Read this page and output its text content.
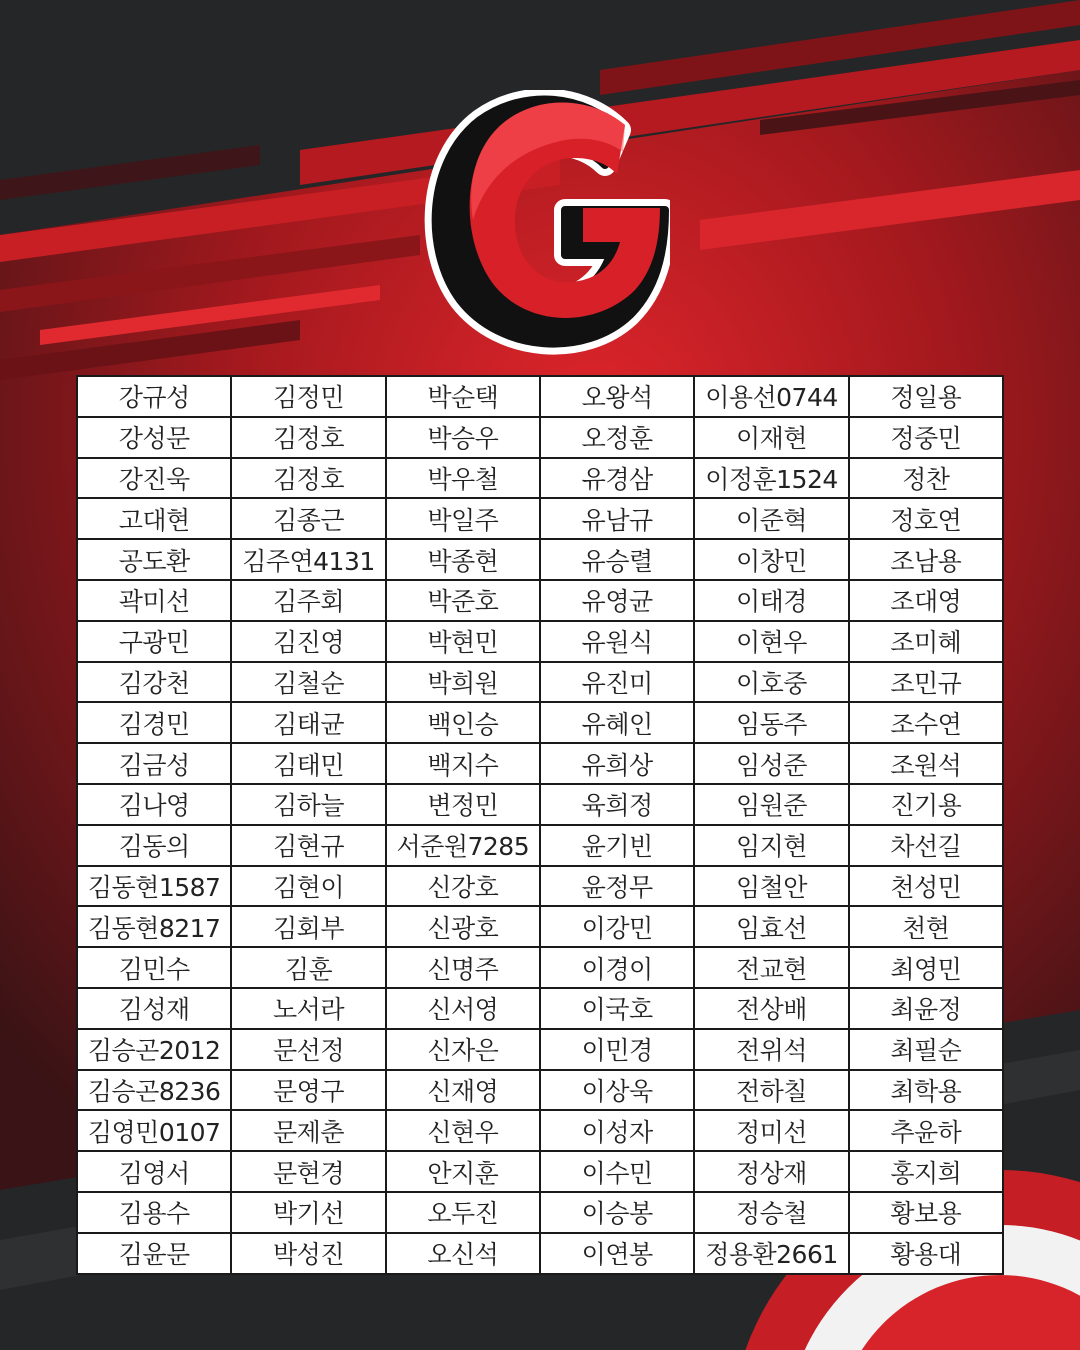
강규성	김정민	박순택	오왕석	이용선0744	정일용
강성문	김정호	박승우	오정훈	이재현	정중민
강진욱	김정호	박우철	유경삼	이정훈1524	정찬
고대현	김종근	박일주	유남규	이준혁	정호연
공도환	김주연4131	박종현	유승렬	이창민	조남용
곽미선	김주회	박준호	유영균	이태경	조대영
구광민	김진영	박현민	유원식	이현우	조미혜
김강천	김철순	박희원	유진미	이호중	조민규
김경민	김태균	백인승	유혜인	임동주	조수연
김금성	김태민	백지수	유희상	임성준	조원석
김나영	김하늘	변정민	육희정	임원준	진기용
김동의	김현규	서준원7285	윤기빈	임지현	차선길
김동현1587	김현이	신강호	윤정무	임철안	천성민
김동현8217	김회부	신광호	이강민	임효선	천현
김민수	김훈	신명주	이경이	전교현	최영민
김성재	노서라	신서영	이국호	전상배	최윤정
김승곤2012	문선정	신자은	이민경	전위석	최필순
김승곤8236	문영구	신재영	이상욱	전하칠	최학용
김영민0107	문제춘	신현우	이성자	정미선	추윤하
김영서	문현경	안지훈	이수민	정상재	홍지희
김용수	박기선	오두진	이승봉	정승철	황보용
김윤문	박성진	오신석	이연봉	정용환2661	황용대
